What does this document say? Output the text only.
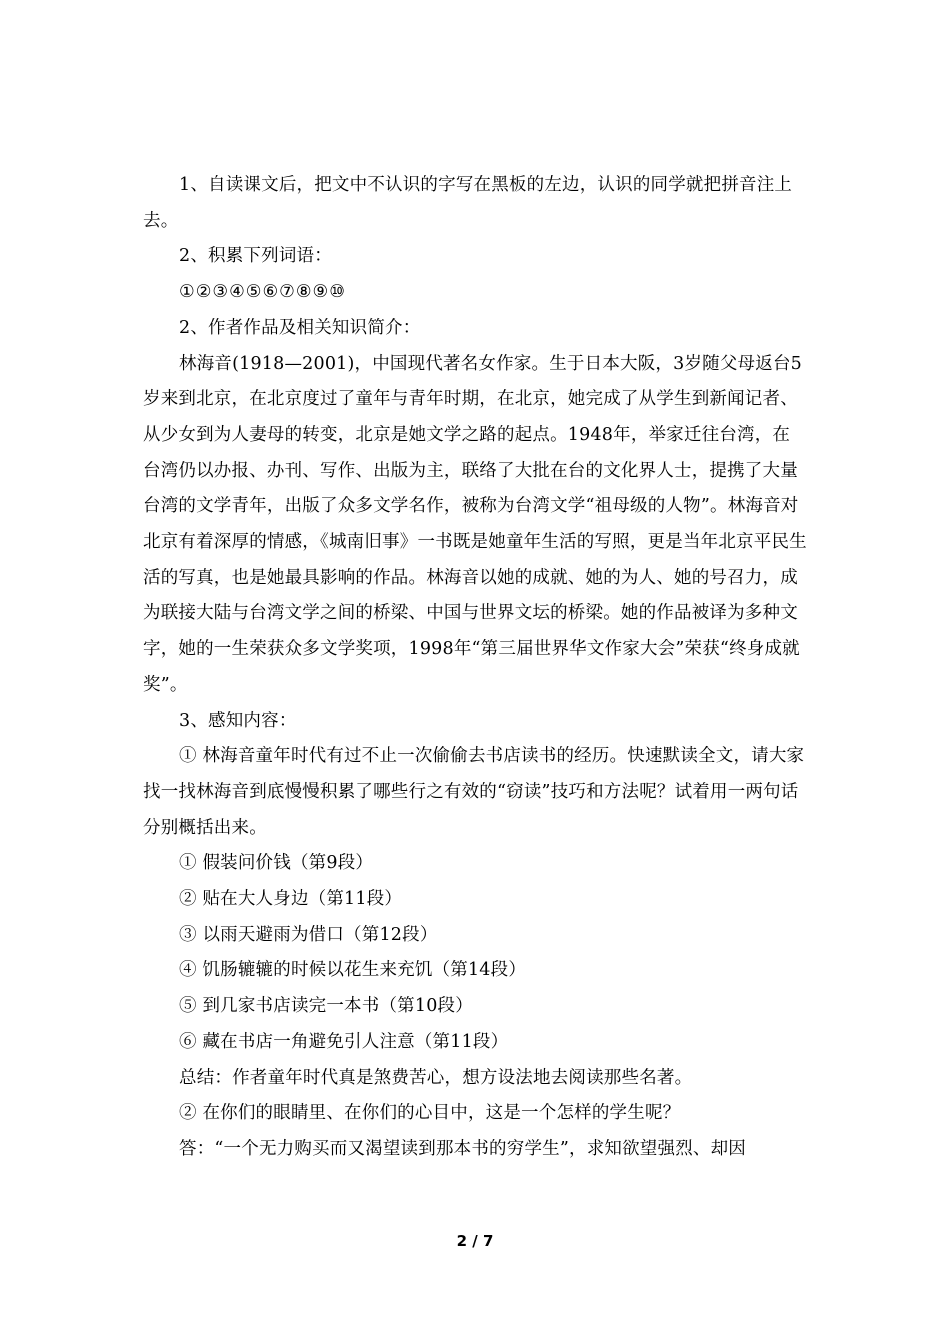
1、自读课文后，把文中不认识的字写在黑板的左边，认识的同学就把拼音注上去。

2、积累下列词语：

①②③④⑤⑥⑦⑧⑨⑩

2、作者作品及相关知识简介：

林海音(1918—2001)，中国现代著名女作家。生于日本大阪，3岁随父母返台5岁来到北京，在北京度过了童年与青年时期，在北京，她完成了从学生到新闻记者、从少女到为人妻母的转变，北京是她文学之路的起点。1948年，举家迁往台湾，在台湾仍以办报、办刊、写作、出版为主，联络了大批在台的文化界人士，提携了大量台湾的文学青年，出版了众多文学名作，被称为台湾文学“祖母级的人物”。林海音对北京有着深厚的情感，《城南旧事》一书既是她童年生活的写照，更是当年北京平民生活的写真，也是她最具影响的作品。林海音以她的成就、她的为人、她的号召力，成为联接大陆与台湾文学之间的桥梁、中国与世界文坛的桥梁。她的作品被译为多种文字，她的一生荣获众多文学奖项，1998年“第三届世界华文作家大会”荣获“终身成就奖”。

3、感知内容：

① 林海音童年时代有过不止一次偷偷去书店读书的经历。快速默读全文，请大家找一找林海音到底慢慢积累了哪些行之有效的“窃读”技巧和方法呢？试着用一两句话分别概括出来。

① 假装问价钱（第9段）

② 贴在大人身边（第11段）

③ 以雨天避雨为借口（第12段）

④ 饥肠辘辘的时候以花生来充饥（第14段）

⑤ 到几家书店读完一本书（第10段）

⑥ 藏在书店一角避免引人注意（第11段）

总结：作者童年时代真是煞费苦心，想方设法地去阅读那些名著。

② 在你们的眼睛里、在你们的心目中，这是一个怎样的学生呢？

答：“一个无力购买而又渴望读到那本书的穷学生”，求知欲望强烈、却因

2 / 7
